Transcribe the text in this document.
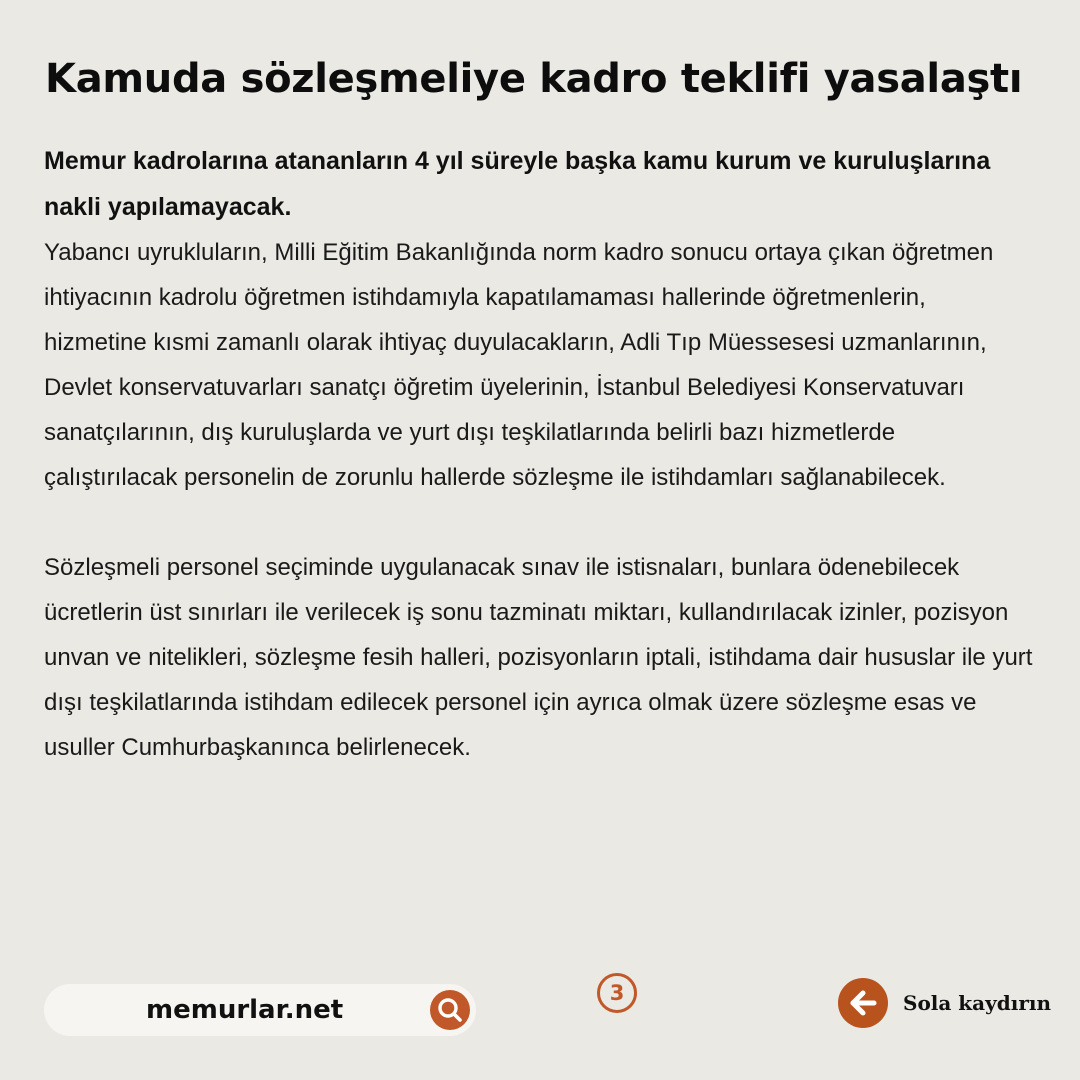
Kamuda sözleşmeliye kadro teklifi yasalaştı

Memur kadrolarına atananların 4 yıl süreyle başka kamu kurum ve kuruluşlarına nakli yapılamayacak.

Yabancı uyrukluların, Milli Eğitim Bakanlığında norm kadro sonucu ortaya çıkan öğretmen ihtiyacının kadrolu öğretmen istihdamıyla kapatılamaması hallerinde öğretmenlerin, hizmetine kısmi zamanlı olarak ihtiyaç duyulacakların, Adli Tıp Müessesesi uzmanlarının, Devlet konservatuvarları sanatçı öğretim üyelerinin, İstanbul Belediyesi Konservatuvarı sanatçılarının, dış kuruluşlarda ve yurt dışı teşkilatlarında belirli bazı hizmetlerde çalıştırılacak personelin de zorunlu hallerde sözleşme ile istihdamları sağlanabilecek.

Sözleşmeli personel seçiminde uygulanacak sınav ile istisnaları, bunlara ödenebilecek ücretlerin üst sınırları ile verilecek iş sonu tazminatı miktarı, kullandırılacak izinler, pozisyon unvan ve nitelikleri, sözleşme fesih halleri, pozisyonların iptali, istihdama dair hususlar ile yurt dışı teşkilatlarında istihdam edilecek personel için ayrıca olmak üzere sözleşme esas ve usuller Cumhurbaşkanınca belirlenecek.

memurlar.net
3	Sola kaydırın
